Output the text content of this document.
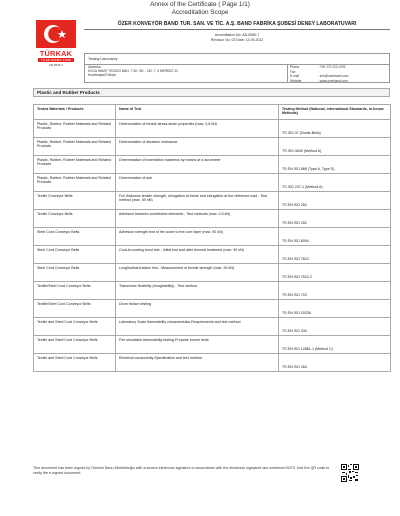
Annex of the Certificate ( Page 1/1)
Accreditation Scope
TÜRKAK
TS EN ISO/IEC 17025
AB-0556-T
ÖZER KONVEYÖR BAND TUR. SAN. VE TİC. A.Ş. BAND FABRİKA ŞUBESİ DENEY LABORATUVARI
Accreditation No: AB-0556-T
Revision No: 00 Date: 14.09.2022
Testing Laboratory
Address :
KOCA HAMİT YEDİGÖ MAH. 7.SK. SK. - NO: 7, 6 MERKEZ 34 Hozlebaşlar/Türkiye
Phone	: +90 272 223 1292
Fax	:
E-mail	: info@ozerband.com
Website	: www.ozerband.com
Plastic and Rubber Products
Tested Materials / Products	Name of Test	Testing Method (National, International Standards, In-house Methods)
Plastic, Rubber, Rubber Materials and Related Products	Determination of tensile stress-strain properties (max. 0,5 kN)	TS ISO 37 (Dumb-Bells)
Plastic, Rubber, Rubber Materials and Related Products	Determination of abrasion resistance	TS ISO 4649 (Method A)
Plastic, Rubber, Rubber Materials and Related Products	Determination of indentation hardness by means of a durometer	TS EN ISO 868 (Type A, Type D)
Plastic, Rubber, Rubber Materials and Related Products	Determination of ash	TS ISO 247-1 (Method A)
Textile Conveyor Belts	Full thickness tensile strength, elongation at break and elongation at the reference load - Test method (max. 50 kN)	TS EN ISO 283
Textile Conveyor Belts	Adhesion between constitutive elements - Test methods (max. 0,5 kN)	TS EN ISO 252
Steel Cord Conveyor Belts	Adhesion strength test of the cover to the core layer (max. 90 kN)	TS EN ISO 8094
Steel Cord Conveyor Belts	Cord-to-coating bond test - Initial test and after thermal treatment (max. 90 kN)	TS EN ISO 7623
Steel Cord Conveyor Belts	Longitudinal traction test - Measurement of tensile strength (max. 90 kN)	TS EN ISO 7622-2
Textile/Steel Cord Conveyor Belts	Transverse flexibility (troughability) - Test method	TS EN ISO 703
Textile/Steel Cord Conveyor Belts	Drum friction testing	TS EN ISO 20238
Textile and Steel Cord Conveyor Belts	Laboratory Scale flammability characteristics-Requirements and test method	TS EN ISO 340
Textile and Steel Cord Conveyor Belts	Fire simulation flammability testing-Propane burner tests	TS EN ISO 12881-1 (Method C)
Textile and Steel Cord Conveyor Belts	Electrical conductivity-Specification and test method	TS EN ISO 284
This document has been signed by Gülsüm Banu Müdürlüoğlu with a secure electronic signature in accordance with the electronic signature law numbered 5070. Use the QR code to verify the e-signed document.
